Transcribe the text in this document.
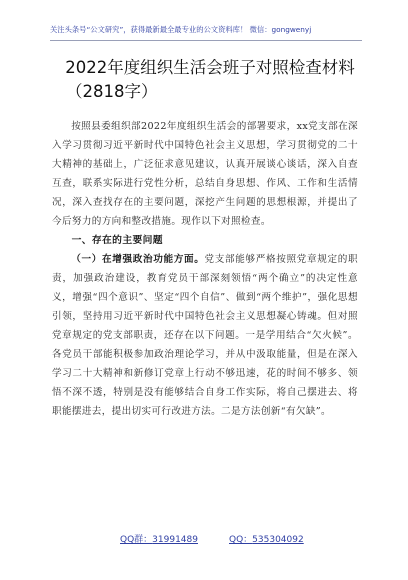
关注头条号“公文研究”，获得最新最全最专业的公文资料库！ 微信：gongwenyj
2022年度组织生活会班子对照检查材料
（2818字）

按照县委组织部2022年度组织生活会的部署要求，xx党支部在深入学习贯彻习近平新时代中国特色社会主义思想，学习贯彻党的二十大精神的基础上，广泛征求意见建议，认真开展谈心谈话，深入自查互查，联系实际进行党性分析，总结自身思想、作风、工作和生活情况，深入查找存在的主要问题，深挖产生问题的思想根源，并提出了今后努力的方向和整改措施。现作以下对照检查。

一、存在的主要问题

（一）在增强政治功能方面。党支部能够严格按照党章规定的职责，加强政治建设，教育党员干部深刻领悟“两个确立”的决定性意义，增强“四个意识”、坚定“四个自信”、做到“两个维护”，强化思想引领，坚持用习近平新时代中国特色社会主义思想凝心铸魂。但对照党章规定的党支部职责，还存在以下问题。一是学用结合“欠火候”。各党员干部能积极参加政治理论学习，并从中汲取能量，但是在深入学习二十大精神和新修订党章上行动不够迅速，花的时间不够多、领悟不深不透，特别是没有能够结合自身工作实际，将自己摆进去、将职能摆进去，提出切实可行改进方法。二是方法创新“有欠缺”。

QQ群：31991489	QQ：535304092
